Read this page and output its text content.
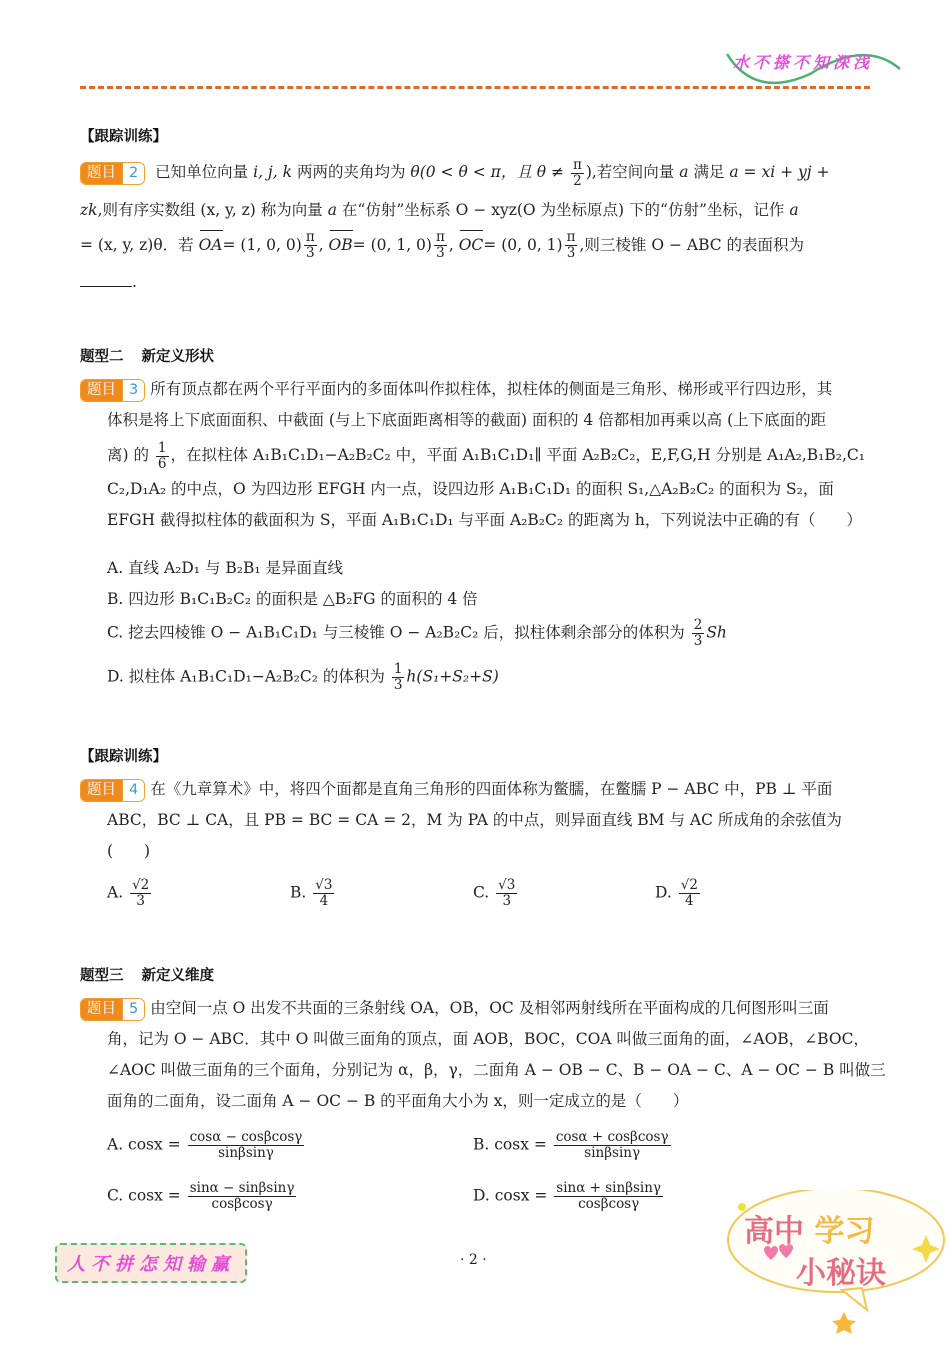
水不搽不知深浅
【跟踪训练】
题目 2	已知单位向量 i, j, k 两两的夹角均为 θ(0 < θ < π，且 $\theta \ne \frac{\pi}{2}$ ),若空间向量 a 满足 a = xi + yj +
zk,则有序实数组 (x, y, z) 称为向量 a 在“仿射”坐标系 O − xyz(O 为坐标原点) 下的“仿射”坐标，记作 a
= (x, y, z)θ．若 OA= (1, 0, $0) \frac{\pi}{3}$ , OB= (0, 1, $0) \frac{\pi}{3}$ , OC= (0, 0, $1) \frac{\pi}{3}$ ,则三棱锥 O − ABC 的表面积为
.
题型二 新定义形状
题目 3 所有顶点都在两个平行平面内的多面体叫作拟柱体，拟柱体的侧面是三角形、梯形或平行四边形，其
体积是将上下底面面积、中截面 (与上下底面距离相等的截面) 面积的 4 倍都相加再乘以高 (上下底面的距
离) 的 $\frac{1}{6}$ ，在拟柱体 A₁B₁C₁D₁−A₂B₂C₂ 中，平面 A₁B₁C₁D₁∥ 平面 A₂B₂C₂，E,F,G,H 分别是 A₁A₂,B₁B₂,C₁
C₂,D₁A₂ 的中点，O 为四边形 EFGH 内一点，设四边形 A₁B₁C₁D₁ 的面积 S₁,△A₂B₂C₂ 的面积为 S₂，面
EFGH 截得拟柱体的截面积为 S，平面 A₁B₁C₁D₁ 与平面 A₂B₂C₂ 的距离为 h，下列说法中正确的有（　　）
A. 直线 A₂D₁ 与 B₂B₁ 是异面直线
B. 四边形 B₁C₁B₂C₂ 的面积是 △B₂FG 的面积的 4 倍
C. 挖去四棱锥 O − A₁B₁C₁D₁ 与三棱锥 O − A₂B₂C₂ 后，拟柱体剩余部分的体积为 $\frac{2}{3}$ Sh
D. 拟柱体 A₁B₁C₁D₁−A₂B₂C₂ 的体积为 $\frac{1}{3} h(S_1+S_2+S)$
【跟踪训练】
题目 4 在《九章算术》中，将四个面都是直角三角形的四面体称为鳖臑，在鳖臑 P − ABC 中，PB ⊥ 平面
ABC，BC ⊥ CA，且 PB = BC = CA = 2，M 为 PA 的中点，则异面直线 BM 与 AC 所成角的余弦值为
(　　)
A. $\frac{√2}{3}$	B. $\frac{√3}{4}$	C. $\frac{√3}{3}$	D. $\frac{√2}{4}$
题型三 新定义维度
题目 5 由空间一点 O 出发不共面的三条射线 OA，OB，OC 及相邻两射线所在平面构成的几何图形叫三面
角，记为 O − ABC．其中 O 叫做三面角的顶点，面 AOB，BOC，COA 叫做三面角的面，∠AOB，∠BOC，
∠AOC 叫做三面角的三个面角，分别记为 α，β，γ，二面角 A − OB − C、B − OA − C、A − OC − B 叫做三
面角的二面角，设二面角 A − OC − B 的平面角大小为 x，则一定成立的是（　　）
A. $\cos x = \frac{\cos\alpha - \cos\beta\cos\gamma}{\sin\beta\sin\gamma}$	B. $\cos x = \frac{\cos\alpha + \cos\beta\cos\gamma}{\sin\beta\sin\gamma}$
C. $\cos x = \frac{\sin\alpha - \sin\beta\sin\gamma}{\cos\beta\cos\gamma}$	D. $\cos x = \frac{\sin\alpha + \sin\beta\sin\gamma}{\cos\beta\cos\gamma}$
人不拼怎知输赢	· 2 ·
高中 学习
小秘诀
